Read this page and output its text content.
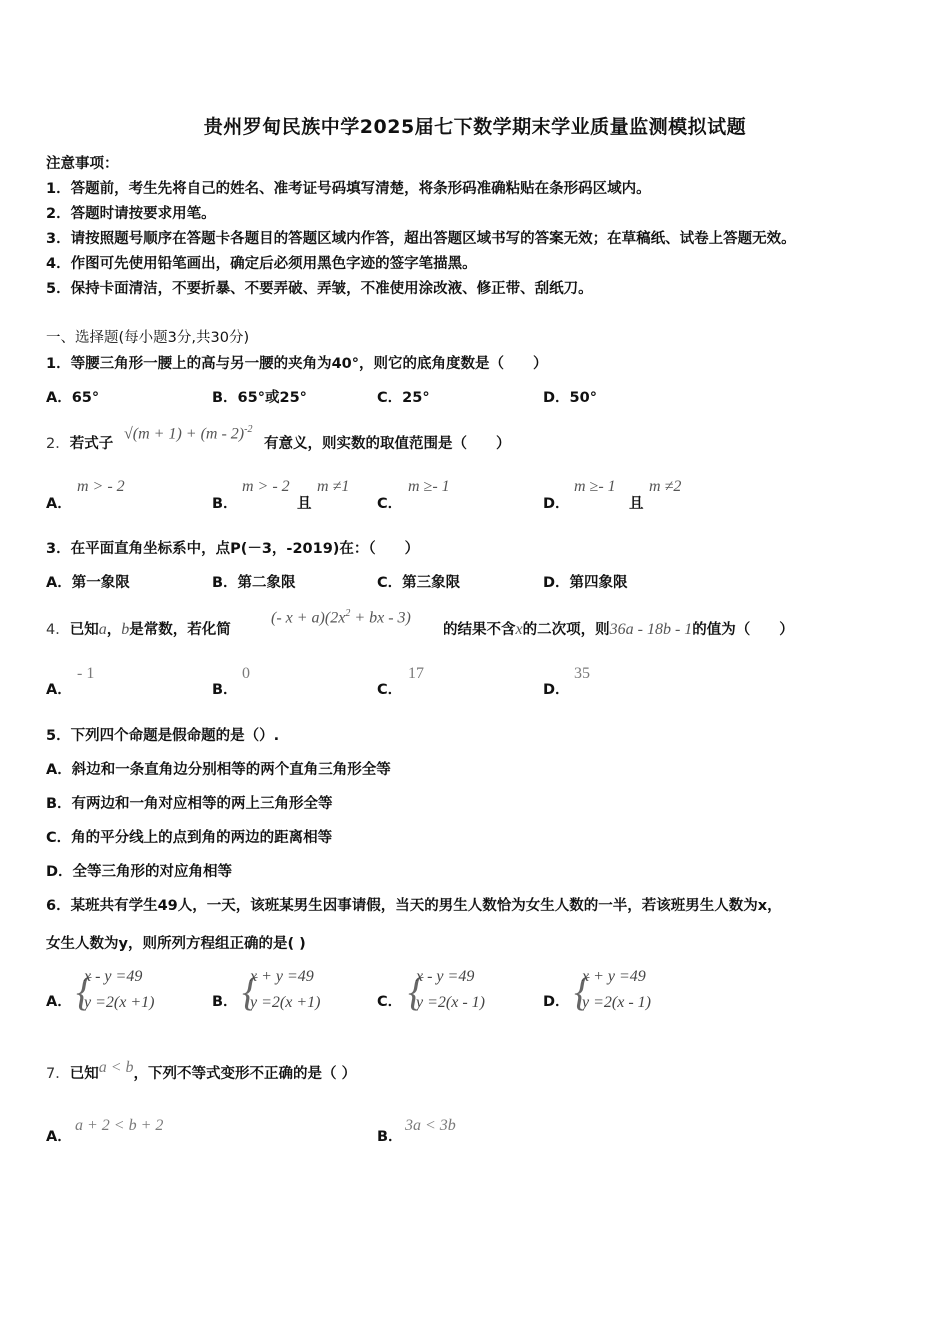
贵州罗甸民族中学2025届七下数学期末学业质量监测模拟试题
注意事项：
1．答题前，考生先将自己的姓名、准考证号码填写清楚，将条形码准确粘贴在条形码区域内。
2．答题时请按要求用笔。
3．请按照题号顺序在答题卡各题目的答题区域内作答，超出答题区域书写的答案无效；在草稿纸、试卷上答题无效。
4．作图可先使用铅笔画出，确定后必须用黑色字迹的签字笔描黑。
5．保持卡面清洁，不要折暴、不要弄破、弄皱，不准使用涂改液、修正带、刮纸刀。
一、选择题(每小题3分,共30分)
1．等腰三角形一腰上的高与另一腰的夹角为40°，则它的底角度数是（　　）
A．65°	B．65°或25°	C．25°	D．50°
2．若式子
√(m + 1) + (m - 2)$^{-2}$
有意义，则实数的取值范围是（　　）
A．
m > - 2
B．
m > - 2
且
m ≠1
C．
m ≥- 1
D．
m ≥- 1
且
m ≠2
3．在平面直角坐标系中，点P(－3，-2019)在：（　　）
A．第一象限	B．第二象限	C．第三象限	D．第四象限
4．已知a，b是常数，若化简
(- $x + a)(2x^2$ + bx - 3)
的结果不含x的二次项，则36a - 18b - 1的值为（　　）
A．
- 1
B．
0
C．
17
D．
35
5．下列四个命题是假命题的是（）.
A．斜边和一条直角边分别相等的两个直角三角形全等
B．有两边和一角对应相等的两上三角形全等
C．角的平分线上的点到角的两边的距离相等
D．全等三角形的对应角相等
6．某班共有学生49人，一天，该班某男生因事请假，当天的男生人数恰为女生人数的一半，若该班男生人数为x，
女生人数为y，则所列方程组正确的是( )
A． {
x - y =49
y =2(x +1)	B． {
x + y =49
y =2(x +1)	C． {
x - y =49
y =2(x - 1)	D． {
x + y =49
y =2(x - 1)
7．已知a < b，下列不等式变形不正确的是（ ）
A．
a + 2 < b + 2
B．
3a < 3b
